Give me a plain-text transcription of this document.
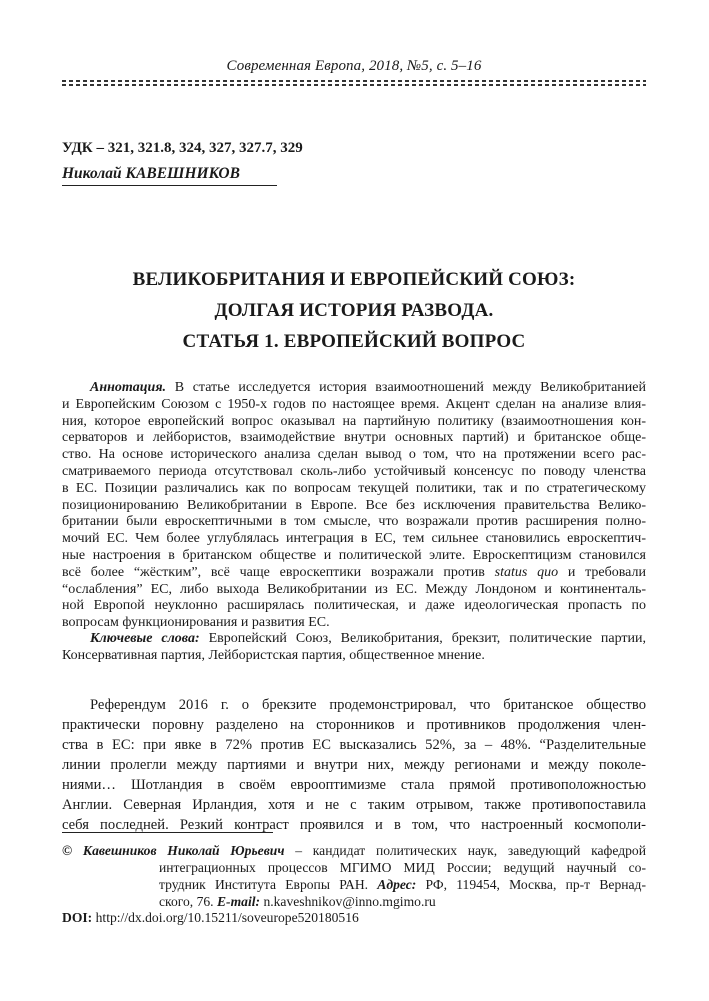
Современная Европа, 2018, №5, с. 5–16
УДК – 321, 321.8, 324, 327, 327.7, 329
Николай КАВЕШНИКОВ
ВЕЛИКОБРИТАНИЯ И ЕВРОПЕЙСКИЙ СОЮЗ:
ДОЛГАЯ ИСТОРИЯ РАЗВОДА.
СТАТЬЯ 1. ЕВРОПЕЙСКИЙ ВОПРОС
Аннотация. В статье исследуется история взаимоотношений между Великобританией
и Европейским Союзом с 1950-х годов по настоящее время. Акцент сделан на анализе влия-
ния, которое европейский вопрос оказывал на партийную политику (взаимоотношения кон-
серваторов и лейбористов, взаимодействие внутри основных партий) и британское обще-
ство. На основе исторического анализа сделан вывод о том, что на протяжении всего рас-
сматриваемого периода отсутствовал сколь-либо устойчивый консенсус по поводу членства
в ЕС. Позиции различались как по вопросам текущей политики, так и по стратегическому
позиционированию Великобритании в Европе. Все без исключения правительства Велико-
британии были евроскептичными в том смысле, что возражали против расширения полно-
мочий ЕС. Чем более углублялась интеграция в ЕС, тем сильнее становились евроскептич-
ные настроения в британском обществе и политической элите. Евроскептицизм становился
всё более “жёстким”, всё чаще евроскептики возражали против status quo и требовали
“ослабления” ЕС, либо выхода Великобритании из ЕС. Между Лондоном и континенталь-
ной Европой неуклонно расширялась политическая, и даже идеологическая пропасть по
вопросам функционирования и развития ЕС.
Ключевые слова: Европейский Союз, Великобритания, брекзит, политические партии,
Консервативная партия, Лейбористская партия, общественное мнение.
Референдум 2016 г. о брекзите продемонстрировал, что британское общество
практически поровну разделено на сторонников и противников продолжения член-
ства в ЕС: при явке в 72% против ЕС высказались 52%, за – 48%. “Разделительные
линии пролегли между партиями и внутри них, между регионами и между поколе-
ниями… Шотландия в своём еврооптимизме стала прямой противоположностью
Англии. Северная Ирландия, хотя и не с таким отрывом, также противопоставила
себя последней. Резкий контраст проявился и в том, что настроенный космополи-
© Кавешников Николай Юрьевич – кандидат политических наук, заведующий кафедрой
интеграционных процессов МГИМО МИД России; ведущий научный со-
трудник Института Европы РАН. Адрес: РФ, 119454, Москва, пр-т Вернад-
ского, 76. E-mail: n.kaveshnikov@inno.mgimo.ru
DOI: http://dx.doi.org/10.15211/soveurope520180516
